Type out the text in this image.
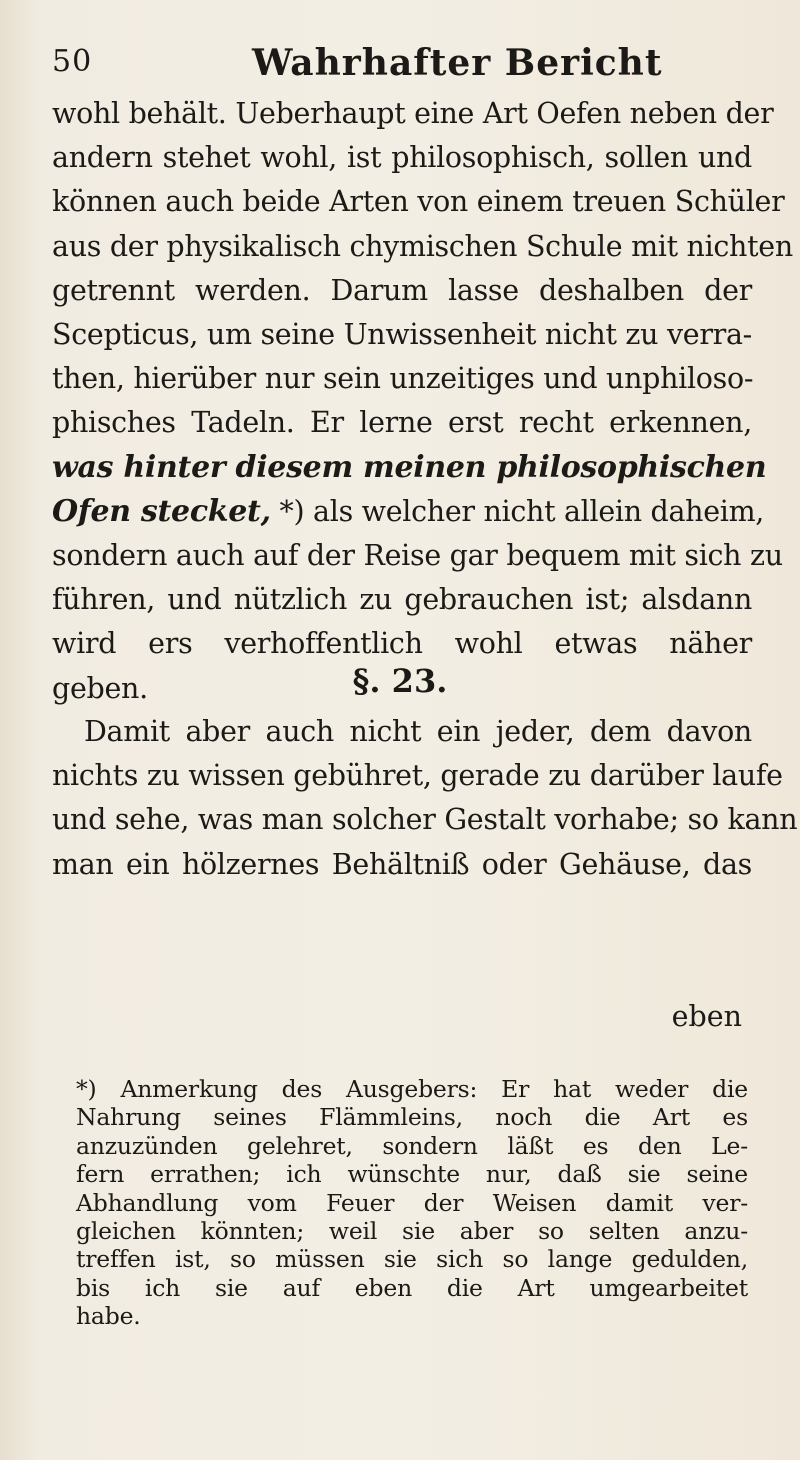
50	Wahrhafter Bericht
wohl behält. Ueberhaupt eine Art Oefen neben der
andern stehet wohl, ist philosophisch, sollen und
können auch beide Arten von einem treuen Schüler
aus der physikalisch chymischen Schule mit nichten
getrennt werden. Darum lasse deshalben der
Scepticus, um seine Unwissenheit nicht zu verra-
then, hierüber nur sein unzeitiges und unphiloso-
phisches Tadeln. Er lerne erst recht erkennen,
was hinter diesem meinen philosophischen
Ofen stecket, *) als welcher nicht allein daheim,
sondern auch auf der Reise gar bequem mit sich zu
führen, und nützlich zu gebrauchen ist; alsdann
wird ers verhoffentlich wohl etwas näher
geben.	§. 23.
Damit aber auch nicht ein jeder, dem davon
nichts zu wissen gebühret, gerade zu darüber laufe
und sehe, was man solcher Gestalt vorhabe; so kann
man ein hölzernes Behältniß oder Gehäuse, das
eben
*) Anmerkung des Ausgebers: Er hat weder die
Nahrung seines Flämmleins, noch die Art es
anzuzünden gelehret, sondern läßt es den Le-
fern errathen; ich wünschte nur, daß sie seine
Abhandlung vom Feuer der Weisen damit ver-
gleichen könnten; weil sie aber so selten anzu-
treffen ist, so müssen sie sich so lange gedulden,
bis ich sie auf eben die Art umgearbeitet
habe.
